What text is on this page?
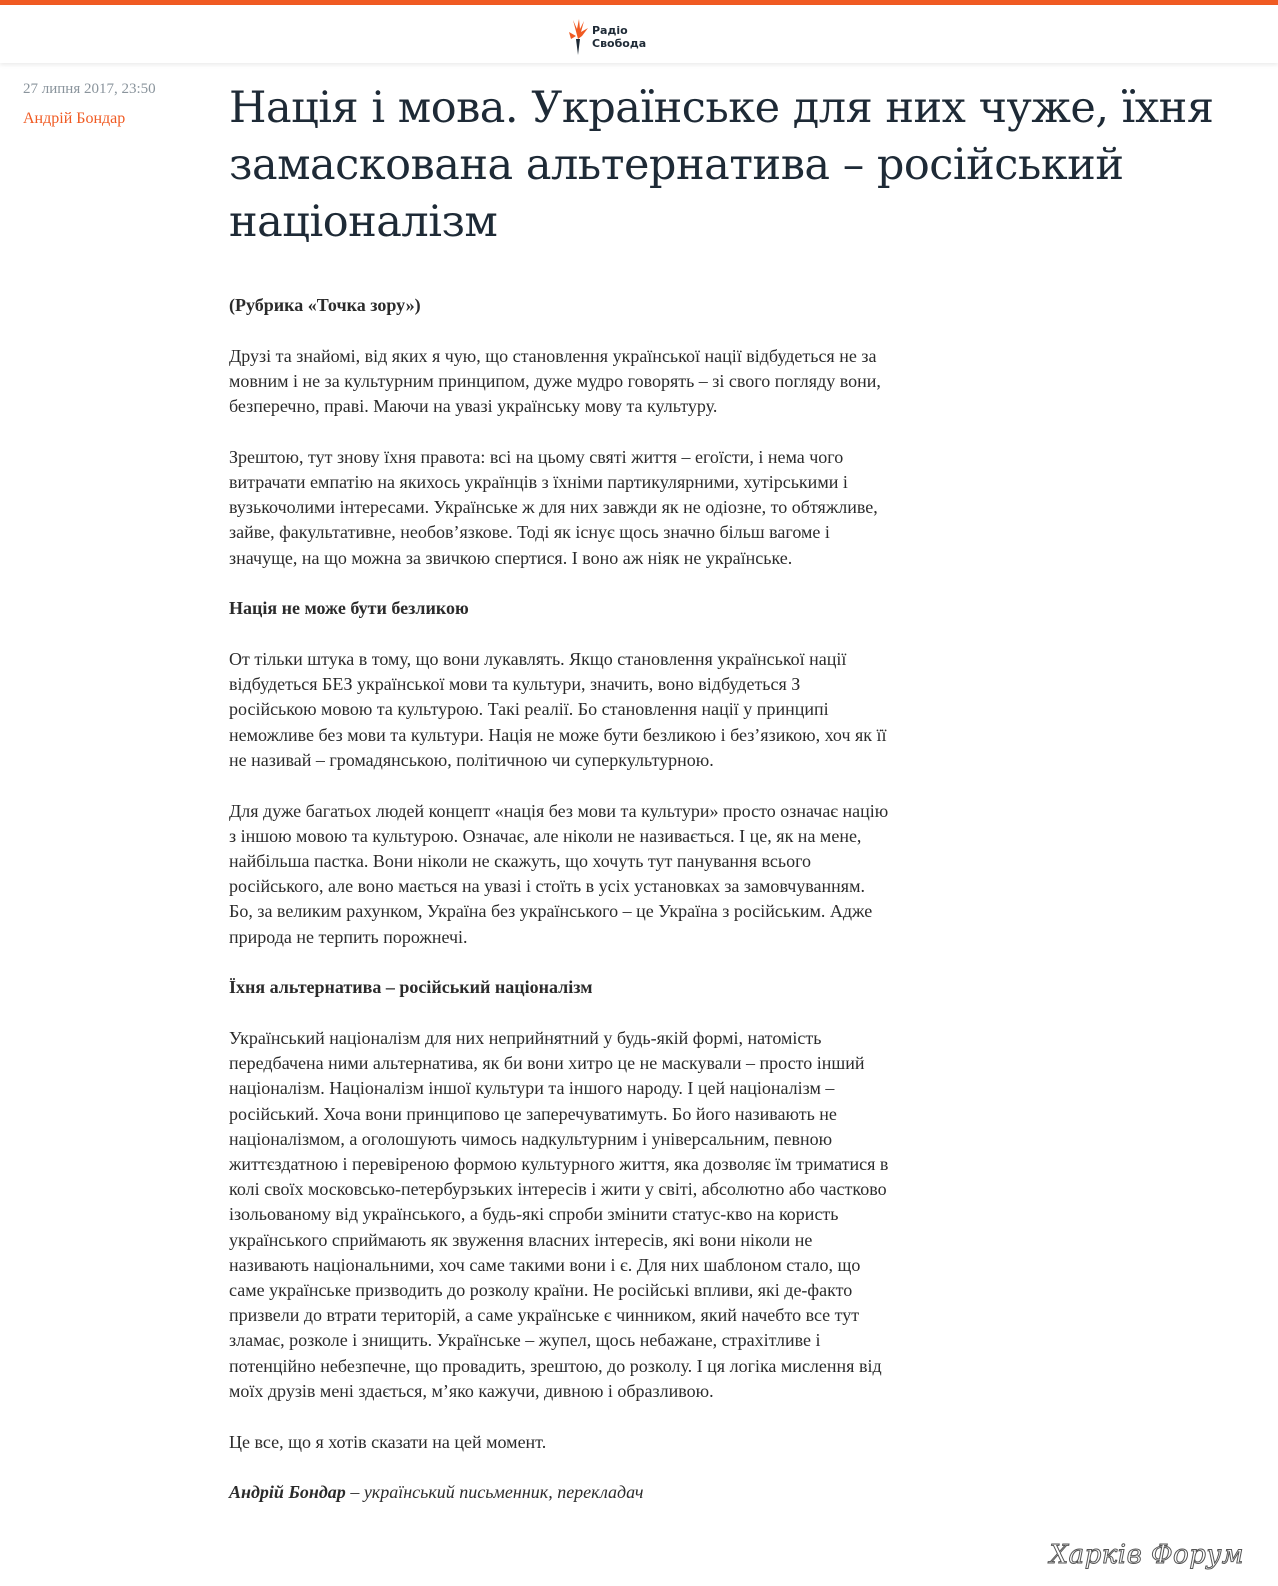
Радіо
Свобода
27 липня 2017, 23:50
Андрій Бондар	Нація і мова. Українське для них чуже, їхня замаскована альтернатива – російський націоналізм

(Рубрика «Точка зору»)

Друзі та знайомі, від яких я чую, що становлення української нації відбудеться не за мовним і не за культурним принципом, дуже мудро говорять – зі свого погляду вони, безперечно, праві. Маючи на увазі українську мову та культуру.

Зрештою, тут знову їхня правота: всі на цьому святі життя – егоїсти, і нема чого витрачати емпатію на якихось українців з їхніми партикулярними, хутірськими і вузькочолими інтересами. Українське ж для них завжди як не одіозне, то обтяжливе, зайве, факультативне, необов’язкове. Тоді як існує щось значно більш вагоме і значуще, на що можна за звичкою спертися. І воно аж ніяк не українське.

Нація не може бути безликою

От тільки штука в тому, що вони лукавлять. Якщо становлення української нації відбудеться БЕЗ української мови та культури, значить, воно відбудеться З російською мовою та культурою. Такі реалії. Бо становлення нації у принципі неможливе без мови та культури. Нація не може бути безликою і без’язикою, хоч як її не називай – громадянською, політичною чи суперкультурною.

Для дуже багатьох людей концепт «нація без мови та культури» просто означає націю з іншою мовою та культурою. Означає, але ніколи не називається. І це, як на мене, найбільша пастка. Вони ніколи не скажуть, що хочуть тут панування всього російського, але воно мається на увазі і стоїть в усіх установках за замовчуванням. Бо, за великим рахунком, Україна без українського – це Україна з російським. Адже природа не терпить порожнечі.

Їхня альтернатива – російський націоналізм

Український націоналізм для них неприйнятний у будь-якій формі, натомість передбачена ними альтернатива, як би вони хитро це не маскували – просто інший націоналізм. Націоналізм іншої культури та іншого народу. І цей націоналізм – російський. Хоча вони принципово це заперечуватимуть. Бо його називають не націоналізмом, а оголошують чимось надкультурним і універсальним, певною життєздатною і перевіреною формою культурного життя, яка дозволяє їм триматися в колі своїх московсько-петербурзьких інтересів і жити у світі, абсолютно або частково ізольованому від українського, а будь-які спроби змінити статус-кво на користь українського сприймають як звуження власних інтересів, які вони ніколи не називають національними, хоч саме такими вони і є. Для них шаблоном стало, що саме українське призводить до розколу країни. Не російські впливи, які де-факто призвели до втрати територій, а саме українське є чинником, який начебто все тут зламає, розколе і знищить. Українське – жупел, щось небажане, страхітливе і потенційно небезпечне, що провадить, зрештою, до розколу. І ця логіка мислення від моїх друзів мені здається, м’яко кажучи, дивною і образливою.

Це все, що я хотів сказати на цей момент.

Андрій Бондар – український письменник, перекладач

Харків Форум
